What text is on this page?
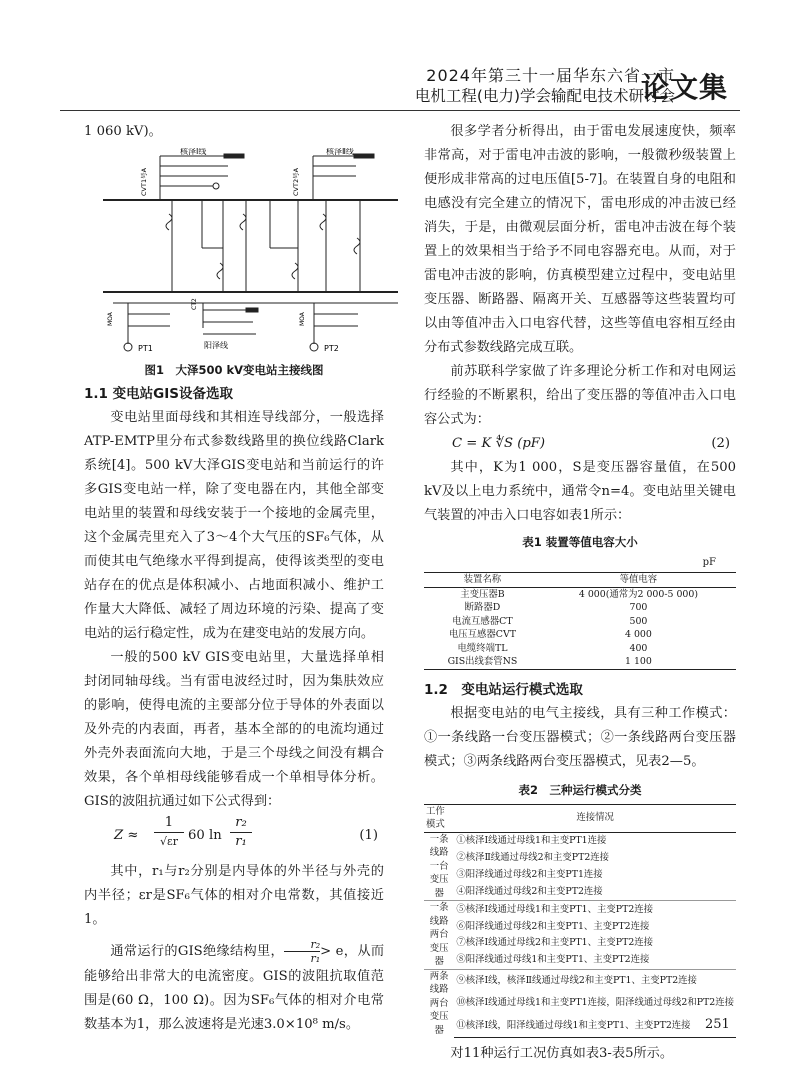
2024年第三十一届华东六省一市
电机工程(电力)学会输配电技术研讨会
论文集

1 060 kV)。

核泽Ⅰ线	核泽Ⅱ线
CVT1号A	CVT2号A
MOA	MOA
CT2
PT1	PT2
阳泽线
图1　大泽500 kV变电站主接线图
1.1 变电站GIS设备选取

变电站里面母线和其相连导线部分，一般选择ATP-EMTP里分布式参数线路里的换位线路Clark系统[4]。500 kV大泽GIS变电站和当前运行的许多GIS变电站一样，除了变电器在内，其他全部变电站里的装置和母线安装于一个接地的金属壳里，这个金属壳里充入了3～4个大气压的SF₆气体，从而使其电气绝缘水平得到提高，使得该类型的变电站存在的优点是体积减小、占地面积减小、维护工作量大大降低、减轻了周边环境的污染、提高了变电站的运行稳定性，成为在建变电站的发展方向。

一般的500 kV GIS变电站里，大量选择单相封闭同轴母线。当有雷电波经过时，因为集肤效应的影响，使得电流的主要部分位于导体的外表面以及外壳的内表面，再者，基本全部的的电流均通过外壳外表面流向大地，于是三个母线之间没有耦合效果，各个单相母线能够看成一个单相导体分析。GIS的波阻抗通过如下公式得到：

Z ≈
1
√εr 60 $\ln \frac{\text{r₂}}{\text{r₁}}$	(1)

其中，r₁与r₂分别是内导体的外半径与外壳的内半径；εr是SF₆气体的相对介电常数，其值接近1。

通常运行的GIS绝缘结构里， $\frac{\text{r₂}}{\text{r₁}} > e$，从而能够给出非常大的电流密度。GIS的波阻抗取值范围是(60 Ω，100 Ω)。因为SF₆气体的相对介电常数基本为1，那么波速将是光速3.0×10⁸ m/s。

很多学者分析得出，由于雷电发展速度快，频率非常高，对于雷电冲击波的影响，一般微秒级装置上便形成非常高的过电压值[5-7]。在装置自身的电阻和电感没有完全建立的情况下，雷电形成的冲击波已经消失，于是，由微观层面分析，雷电冲击波在每个装置上的效果相当于给予不同电容器充电。从而，对于雷电冲击波的影响，仿真模型建立过程中，变电站里变压器、断路器、隔离开关、互感器等这些装置均可以由等值冲击入口电容代替，这些等值电容相互经由分布式参数线路完成互联。

前苏联科学家做了许多理论分析工作和对电网运行经验的不断累积，给出了变压器的等值冲击入口电容公式为：

C = K ∜S (pF)	(2)

其中，K为1 000，S是变压器容量值，在500 kV及以上电力系统中，通常令n=4。变电站里关键电气装置的冲击入口电容如表1所示：

表1 装置等值电容大小
pF
装置名称	等值电容
主变压器B	4 000(通常为2 000-5 000)
断路器D	700
电流互感器CT	500
电压互感器CVT	4 000
电缆终端TL	400
GIS出线套管NS	1 100
1.2　变电站运行模式选取

根据变电站的电气主接线，具有三种工作模式：①一条线路一台变压器模式；②一条线路两台变压器模式；③两条线路两台变压器模式，见表2—5。

表2　三种运行模式分类
工作模式	连接情况
一条线路一台变压器	①核泽Ⅰ线通过母线1和主变PT1连接
	②核泽Ⅱ线通过母线2和主变PT2连接
	③阳泽线通过母线2和主变PT1连接
	④阳泽线通过母线2和主变PT2连接
一条线路两台变压器	⑤核泽Ⅰ线通过母线1和主变PT1、主变PT2连接
	⑥阳泽线通过母线2和主变PT1、主变PT2连接
	⑦核泽Ⅰ线通过母线2和主变PT1、主变PT2连接
	⑧阳泽线通过母线1和主变PT1、主变PT2连接
两条线路两台变压器	⑨核泽Ⅰ线，核泽Ⅱ线通过母线2和主变PT1、主变PT2连接
	⑩核泽Ⅰ线通过母线1和主变PT1连接，阳泽线通过母线2和PT2连接
	⑪核泽Ⅰ线，阳泽线通过母线1和主变PT1、主变PT2连接

对11种运行工况仿真如表3-表5所示。

251
